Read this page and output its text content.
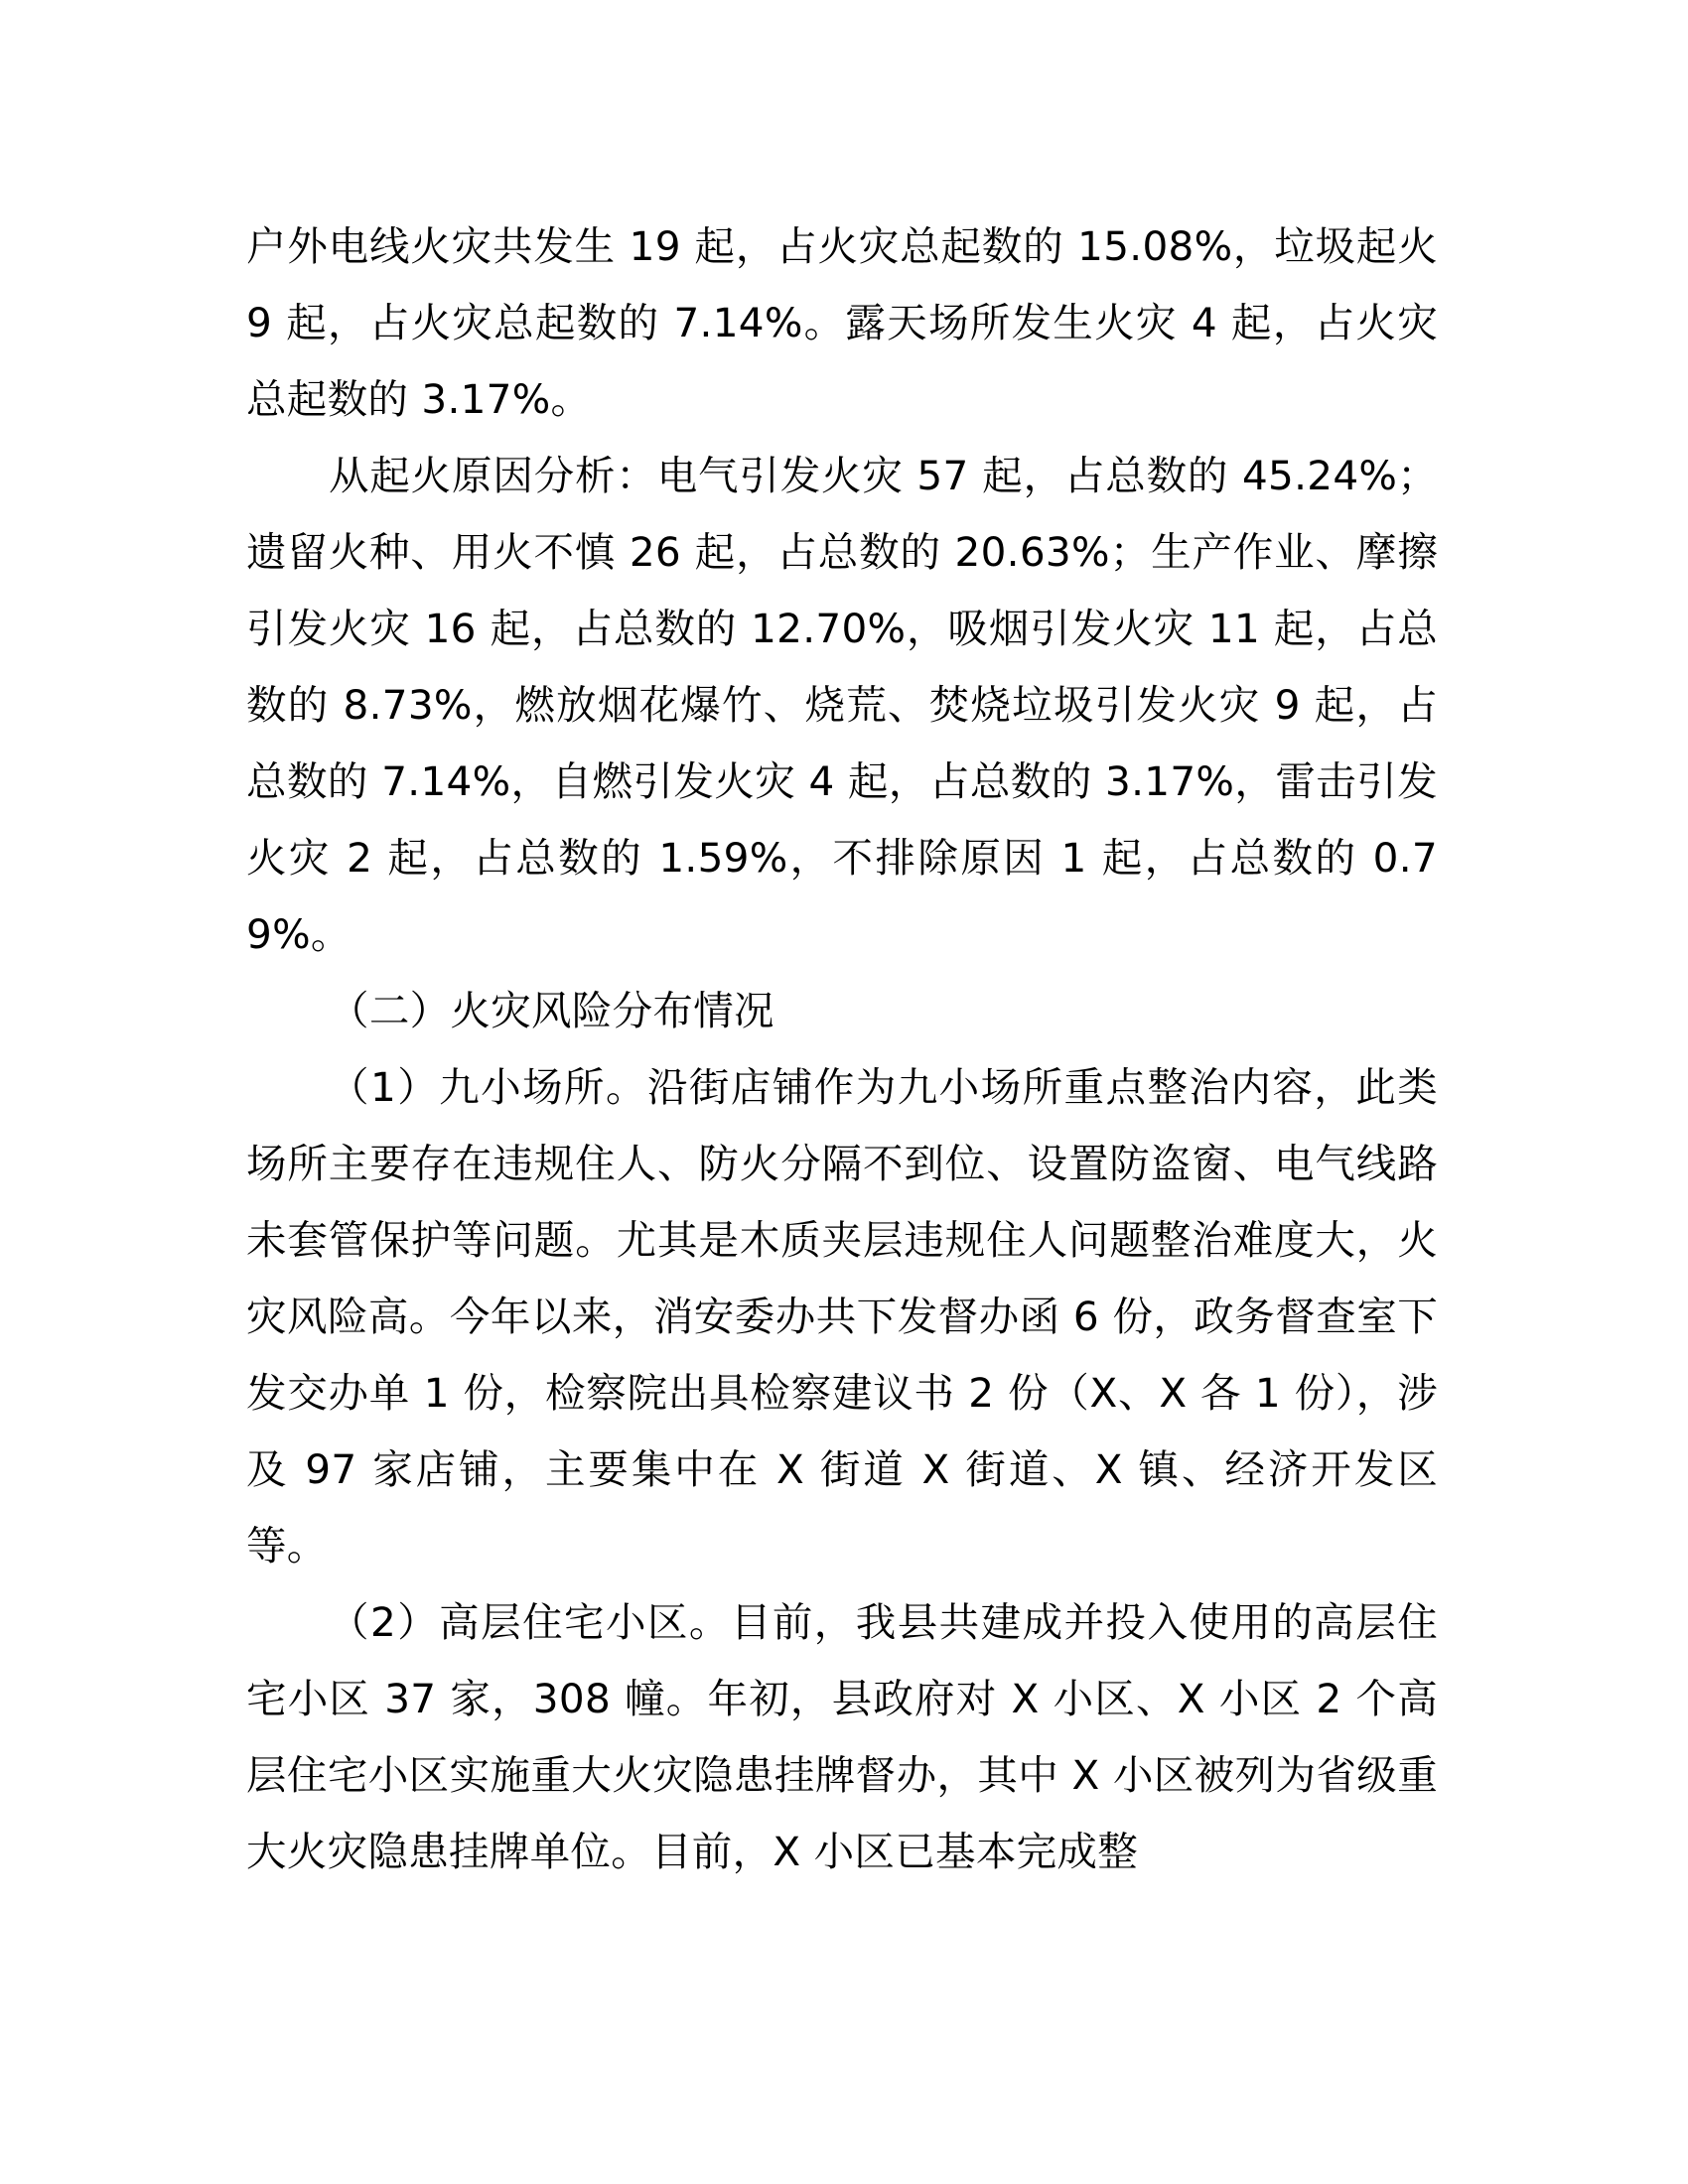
户外电线火灾共发生 19 起，占火灾总起数的 15.08%，垃圾起火 9 起，占火灾总起数的 7.14%。露天场所发生火灾 4 起，占火灾总起数的 3.17%。

从起火原因分析：电气引发火灾 57 起，占总数的 45.24%；遗留火种、用火不慎 26 起，占总数的 20.63%；生产作业、摩擦引发火灾 16 起，占总数的 12.70%，吸烟引发火灾 11 起，占总数的 8.73%，燃放烟花爆竹、烧荒、焚烧垃圾引发火灾 9 起，占总数的 7.14%，自燃引发火灾 4 起，占总数的 3.17%，雷击引发火灾 2 起，占总数的 1.59%，不排除原因 1 起，占总数的 0.79%。

（二）火灾风险分布情况

（1）九小场所。沿街店铺作为九小场所重点整治内容，此类场所主要存在违规住人、防火分隔不到位、设置防盗窗、电气线路未套管保护等问题。尤其是木质夹层违规住人问题整治难度大，火灾风险高。今年以来，消安委办共下发督办函 6 份，政务督查室下发交办单 1 份，检察院出具检察建议书 2 份（X、X 各 1 份），涉及 97 家店铺，主要集中在 X 街道 X 街道、X 镇、经济开发区等。

（2）高层住宅小区。目前，我县共建成并投入使用的高层住宅小区 37 家，308 幢。年初，县政府对 X 小区、X 小区 2 个高层住宅小区实施重大火灾隐患挂牌督办，其中 X 小区被列为省级重大火灾隐患挂牌单位。目前，X 小区已基本完成整
